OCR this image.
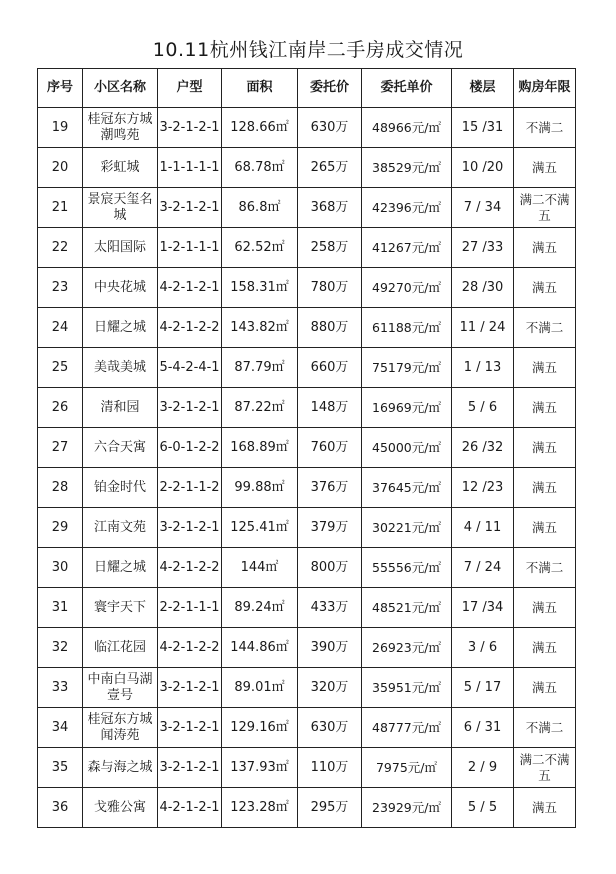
10.11杭州钱江南岸二手房成交情况
序号	小区名称	户型	面积	委托价	委托单价	楼层	购房年限
19	桂冠东方城潮鸣苑	3-2-1-2-1	128.66㎡	630万	48966元/㎡	15 /31	不满二
20	彩虹城	1-1-1-1-1	68.78㎡	265万	38529元/㎡	10 /20	满五
21	景宸天玺名城	3-2-1-2-1	86.8㎡	368万	42396元/㎡	7 / 34	满二不满五
22	太阳国际	1-2-1-1-1	62.52㎡	258万	41267元/㎡	27 /33	满五
23	中央花城	4-2-1-2-1	158.31㎡	780万	49270元/㎡	28 /30	满五
24	日耀之城	4-2-1-2-2	143.82㎡	880万	61188元/㎡	11 / 24	不满二
25	美哉美城	5-4-2-4-1	87.79㎡	660万	75179元/㎡	1 / 13	满五
26	清和园	3-2-1-2-1	87.22㎡	148万	16969元/㎡	5 / 6	满五
27	六合天寓	6-0-1-2-2	168.89㎡	760万	45000元/㎡	26 /32	满五
28	铂金时代	2-2-1-1-2	99.88㎡	376万	37645元/㎡	12 /23	满五
29	江南文苑	3-2-1-2-1	125.41㎡	379万	30221元/㎡	4 / 11	满五
30	日耀之城	4-2-1-2-2	144㎡	800万	55556元/㎡	7 / 24	不满二
31	寰宇天下	2-2-1-1-1	89.24㎡	433万	48521元/㎡	17 /34	满五
32	临江花园	4-2-1-2-2	144.86㎡	390万	26923元/㎡	3 / 6	满五
33	中南白马湖壹号	3-2-1-2-1	89.01㎡	320万	35951元/㎡	5 / 17	满五
34	桂冠东方城闻涛苑	3-2-1-2-1	129.16㎡	630万	48777元/㎡	6 / 31	不满二
35	森与海之城	3-2-1-2-1	137.93㎡	110万	7975元/㎡	2 / 9	满二不满五
36	戈雅公寓	4-2-1-2-1	123.28㎡	295万	23929元/㎡	5 / 5	满五
